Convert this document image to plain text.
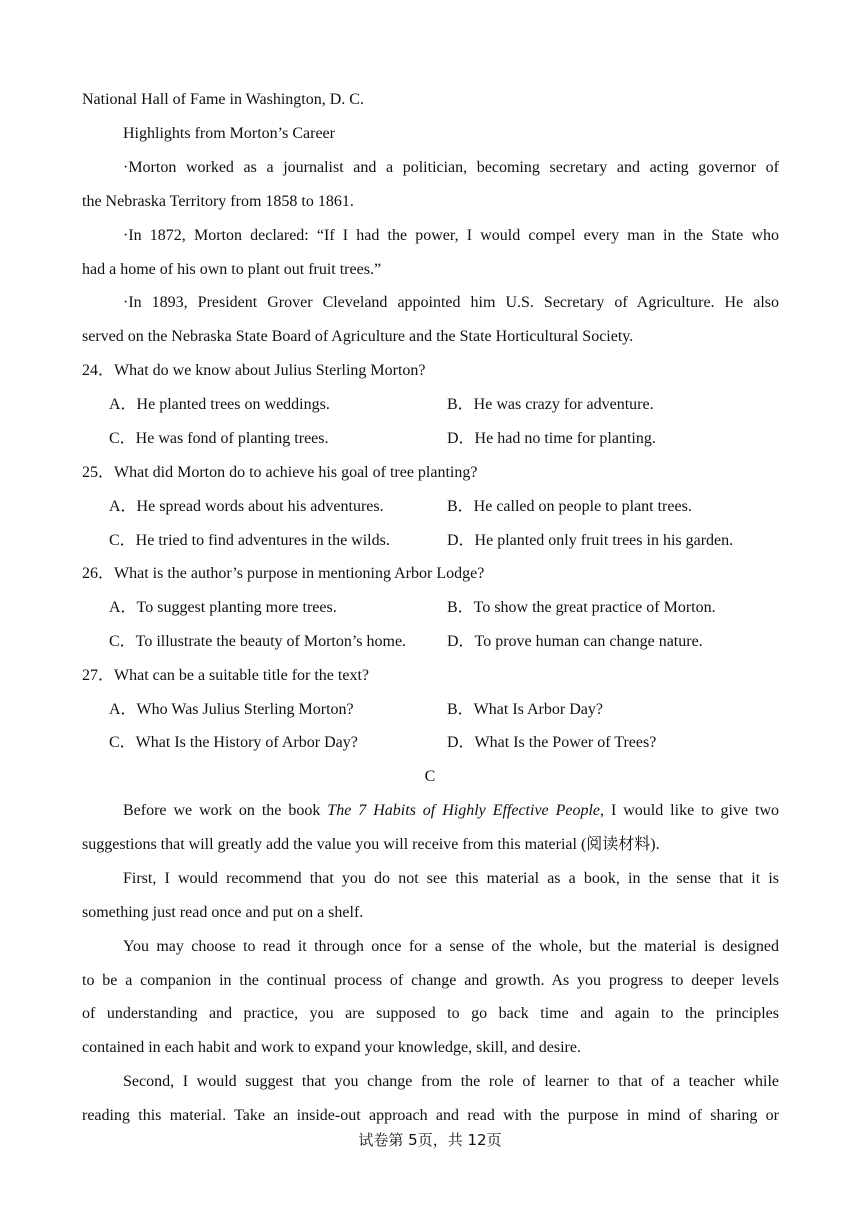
National Hall of Fame in Washington, D. C.
Highlights from Morton’s Career
·Morton worked as a journalist and a politician, becoming secretary and acting governor of
the Nebraska Territory from 1858 to 1861.
·In 1872, Morton declared: “If I had the power, I would compel every man in the State who
had a home of his own to plant out fruit trees.”
·In 1893, President Grover Cleveland appointed him U.S. Secretary of Agriculture. He also
served on the Nebraska State Board of Agriculture and the State Horticultural Society.
24．What do we know about Julius Sterling Morton?
A．He planted trees on weddings.	B．He was crazy for adventure.
C．He was fond of planting trees.	D．He had no time for planting.
25．What did Morton do to achieve his goal of tree planting?
A．He spread words about his adventures.	B．He called on people to plant trees.
C．He tried to find adventures in the wilds.	D．He planted only fruit trees in his garden.
26．What is the author’s purpose in mentioning Arbor Lodge?
A．To suggest planting more trees.	B．To show the great practice of Morton.
C．To illustrate the beauty of Morton’s home.	D．To prove human can change nature.
27．What can be a suitable title for the text?
A．Who Was Julius Sterling Morton?	B．What Is Arbor Day?
C．What Is the History of Arbor Day?	D．What Is the Power of Trees?
C
Before we work on the book The 7 Habits of Highly Effective People, I would like to give two
suggestions that will greatly add the value you will receive from this material (阅读材料).
First, I would recommend that you do not see this material as a book, in the sense that it is
something just read once and put on a shelf.
You may choose to read it through once for a sense of the whole, but the material is designed
to be a companion in the continual process of change and growth. As you progress to deeper levels
of understanding and practice, you are supposed to go back time and again to the principles
contained in each habit and work to expand your knowledge, skill, and desire.
Second, I would suggest that you change from the role of learner to that of a teacher while
reading this material. Take an inside-out approach and read with the purpose in mind of sharing or
试卷第 5页，共 12页
